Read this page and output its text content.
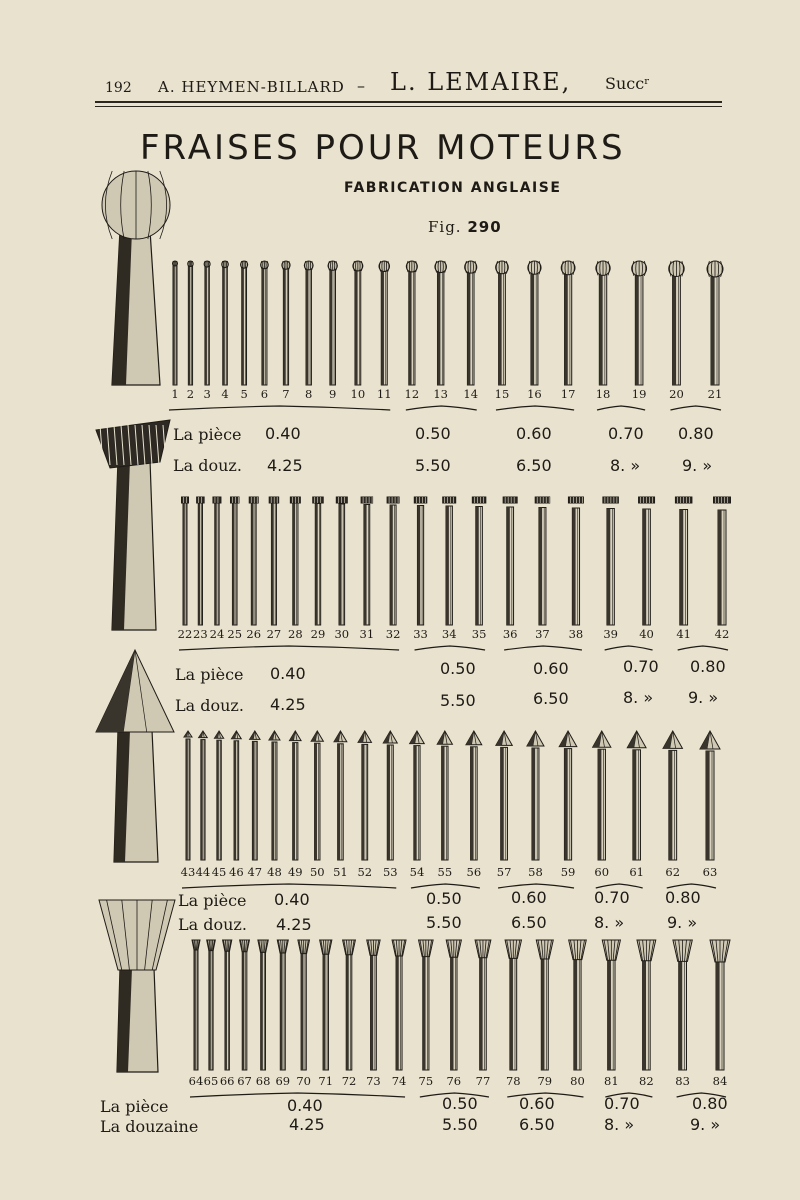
192 A. HEYMEN-BILLARD – L. LEMAIRE, Succʳ
FRAISES POUR MOTEURS
FABRICATION ANGLAISE
Fig. 290
La pièce
La douz.
0.40	0.50	0.60	0.70 0.80
4.25	5.50	6.50	8. »	9. »
La pièce
La douz.
0.40	0.50	0.60	0.70 0.80
4.25	5.50	6.50	8. » 9. »
La pièce
La douz.
0.40	0.50	0.60	0.70 0.80
4.25	5.50	6.50	8. »	9. »
La pièce
La douzaine
0.40	0.50	0.60	0.70	0.80
4.25	5.50	6.50	8. »	9. »
1 2 3 4 5 6 7 8 9 10 11 12 13 14 15 16 17 18 19 20 21
22 23 24 25 26 27 28 29 30 31 32 33 34 35 36 37 38 39 40 41 42
43 44 45 46 47 48 49 50 51 52 53 54 55 56 57 58 59 60 61 62 63
64 65 66 67 68 69 70 71 72 73 74 75 76 77 78 79 80 81 82 83 84
